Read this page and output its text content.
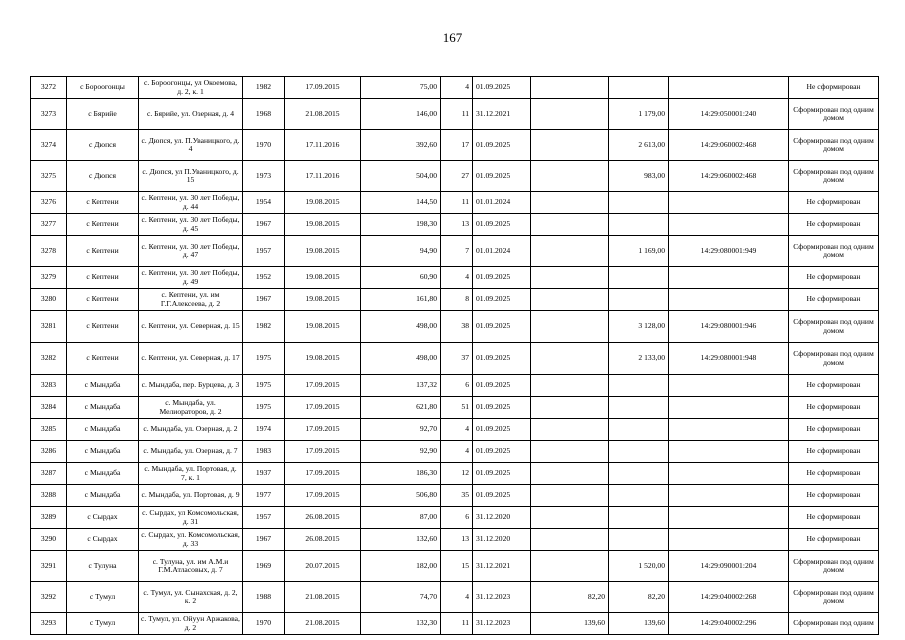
167
3272	с Бороогонцы	с. Бороогонцы, ул Окоемова, д. 2, к. 1	1982	17.09.2015	75,00	4	01.09.2025				Не сформирован
3273	с Бярийе	с. Бярийе, ул. Озерная, д. 4	1968	21.08.2015	146,00	11	31.12.2021		1 179,00	14:29:050001:240	Сформирован под одним домом
3274	с Дюпся	с. Дюпся, ул. П.Уваницкого, д. 4	1970	17.11.2016	392,60	17	01.09.2025		2 613,00	14:29:060002:468	Сформирован под одним домом
3275	с Дюпся	с. Дюпся, ул П.Уваницкого, д. 15	1973	17.11.2016	504,00	27	01.09.2025		983,00	14:29:060002:468	Сформирован под одним домом
3276	с Кептени	с. Кептени, ул. 30 лет Победы, д. 44	1954	19.08.2015	144,50	11	01.01.2024				Не сформирован
3277	с Кептени	с. Кептени, ул. 30 лет Победы, д. 45	1967	19.08.2015	198,30	13	01.09.2025				Не сформирован
3278	с Кептени	с. Кептени, ул. 30 лет Победы, д. 47	1957	19.08.2015	94,90	7	01.01.2024		1 169,00	14:29:080001:949	Сформирован под одним домом
3279	с Кептени	с. Кептени, ул. 30 лет Победы, д. 49	1952	19.08.2015	60,90	4	01.09.2025				Не сформирован
3280	с Кептени	с. Кептени, ул. им Г.Г.Алексеева, д. 2	1967	19.08.2015	161,80	8	01.09.2025				Не сформирован
3281	с Кептени	с. Кептени, ул. Северная, д. 15	1982	19.08.2015	498,00	38	01.09.2025		3 128,00	14:29:080001:946	Сформирован под одним домом
3282	с Кептени	с. Кептени, ул. Северная, д. 17	1975	19.08.2015	498,00	37	01.09.2025		2 133,00	14:29:080001:948	Сформирован под одним домом
3283	с Мындаба	с. Мындаба, пер. Бурцева, д. 3	1975	17.09.2015	137,32	6	01.09.2025				Не сформирован
3284	с Мындаба	с. Мындаба, ул. Мелиораторов, д. 2	1975	17.09.2015	621,80	51	01.09.2025				Не сформирован
3285	с Мындаба	с. Мындаба, ул. Озерная, д. 2	1974	17.09.2015	92,70	4	01.09.2025				Не сформирован
3286	с Мындаба	с. Мындаба, ул. Озерная, д. 7	1983	17.09.2015	92,90	4	01.09.2025				Не сформирован
3287	с Мындаба	с. Мындаба, ул. Портовая, д. 7, к. 1	1937	17.09.2015	186,30	12	01.09.2025				Не сформирован
3288	с Мындаба	с. Мындаба, ул. Портовая, д. 9	1977	17.09.2015	506,80	35	01.09.2025				Не сформирован
3289	с Сырдах	с. Сырдах, ул Комсомольская, д. 31	1957	26.08.2015	87,00	6	31.12.2020				Не сформирован
3290	с Сырдах	с. Сырдах, ул. Комсомольская, д. 33	1967	26.08.2015	132,60	13	31.12.2020				Не сформирован
3291	с Тулуна	с. Тулуна, ул. им А.М.и Г.М.Атласовых, д. 7	1969	20.07.2015	182,00	15	31.12.2021		1 520,00	14:29:090001:204	Сформирован под одним домом
3292	с Тумул	с. Тумул, ул. Сынахская, д. 2, к. 2	1988	21.08.2015	74,70	4	31.12.2023	82,20	82,20	14:29:040002:268	Сформирован под одним домом
3293	с Тумул	с. Тумул, ул. Ойуун Аржакова, д. 2	1970	21.08.2015	132,30	11	31.12.2023	139,60	139,60	14:29:040002:296	Сформирован под одним
